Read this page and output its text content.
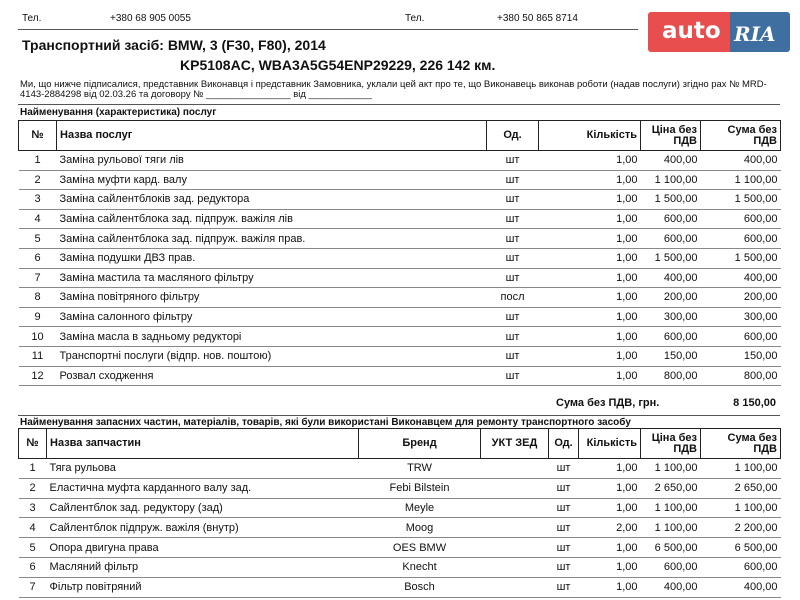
Тел.	+380 68 905 0055	Тел.	+380 50 865 8714	auto RIA
Транспортний засіб: BMW, 3 (F30, F80), 2014
KP5108AC, WBA3A5G54ENP29229, 226 142 км.
Ми, що нижче підписалися, представник Виконавця і представник Замовника, уклали цей акт про те, що Виконавець виконав роботи (надав послуги) згідно рах № MRD-4143-2884298 від 02.03.26 та договору № ________________ від ____________
Найменування (характеристика) послуг
№	Назва послуг	Од.	Кількість	Ціна без ПДВ	Сума без ПДВ
1	Заміна рульової тяги лів	шт	1,00	400,00	400,00
2	Заміна муфти кард. валу	шт	1,00	1 100,00	1 100,00
3	Заміна сайлентблоків зад. редуктора	шт	1,00	1 500,00	1 500,00
4	Заміна сайлентблока зад. підпруж. важіля лів	шт	1,00	600,00	600,00
5	Заміна сайлентблока зад. підпруж. важіля прав.	шт	1,00	600,00	600,00
6	Заміна подушки ДВЗ прав.	шт	1,00	1 500,00	1 500,00
7	Заміна мастила та масляного фільтру	шт	1,00	400,00	400,00
8	Заміна повітряного фільтру	посл	1,00	200,00	200,00
9	Заміна салонного фільтру	шт	1,00	300,00	300,00
10	Заміна масла в задньому редукторі	шт	1,00	600,00	600,00
11	Транспортні послуги (відпр. нов. поштою)	шт	1,00	150,00	150,00
12	Розвал сходження	шт	1,00	800,00	800,00
Сума без ПДВ, грн.	8 150,00
Найменування запасних частин, матеріалів, товарів, які були використані Виконавцем для ремонту транспортного засобу
№	Назва запчастин	Бренд	УКТ ЗЕД	Од.	Кількість	Ціна без ПДВ	Сума без ПДВ
1	Тяга рульова	TRW		шт	1,00	1 100,00	1 100,00
2	Еластична муфта карданного валу зад.	Febi Bilstein		шт	1,00	2 650,00	2 650,00
3	Сайлентблок зад. редуктору (зад)	Meyle		шт	1,00	1 100,00	1 100,00
4	Сайлентблок підпруж. важіля (внутр)	Moog		шт	2,00	1 100,00	2 200,00
5	Опора двигуна права	OES BMW		шт	1,00	6 500,00	6 500,00
6	Масляний фільтр	Knecht		шт	1,00	600,00	600,00
7	Фільтр повітряний	Bosch		шт	1,00	400,00	400,00
